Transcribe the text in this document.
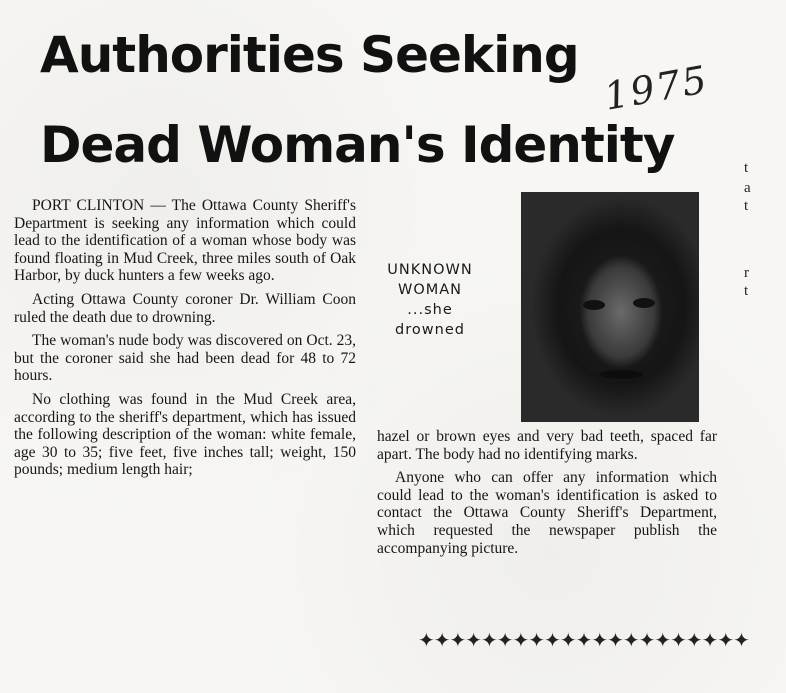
Authorities Seeking
Dead Woman's Identity
1975

PORT CLINTON — The Ottawa County Sheriff's Department is seeking any information which could lead to the identification of a woman whose body was found floating in Mud Creek, three miles south of Oak Harbor, by duck hunters a few weeks ago.

Acting Ottawa County coroner Dr. William Coon ruled the death due to drowning.

The woman's nude body was discovered on Oct. 23, but the coroner said she had been dead for 48 to 72 hours.

No clothing was found in the Mud Creek area, according to the sheriff's department, which has issued the following description of the woman: white female, age 30 to 35; five feet, five inches tall; weight, 150 pounds; medium length hair;

UNKNOWN
WOMAN
...she
drowned

hazel or brown eyes and very bad teeth, spaced far apart. The body had no identifying marks.

Anyone who can offer any information which could lead to the woman's identification is asked to contact the Ottawa County Sheriff's Department, which requested the newspaper publish the accompanying picture.

✦✦✦✦✦✦✦✦✦✦✦✦✦✦✦✦✦✦✦✦✦
t
a
t
r
t
